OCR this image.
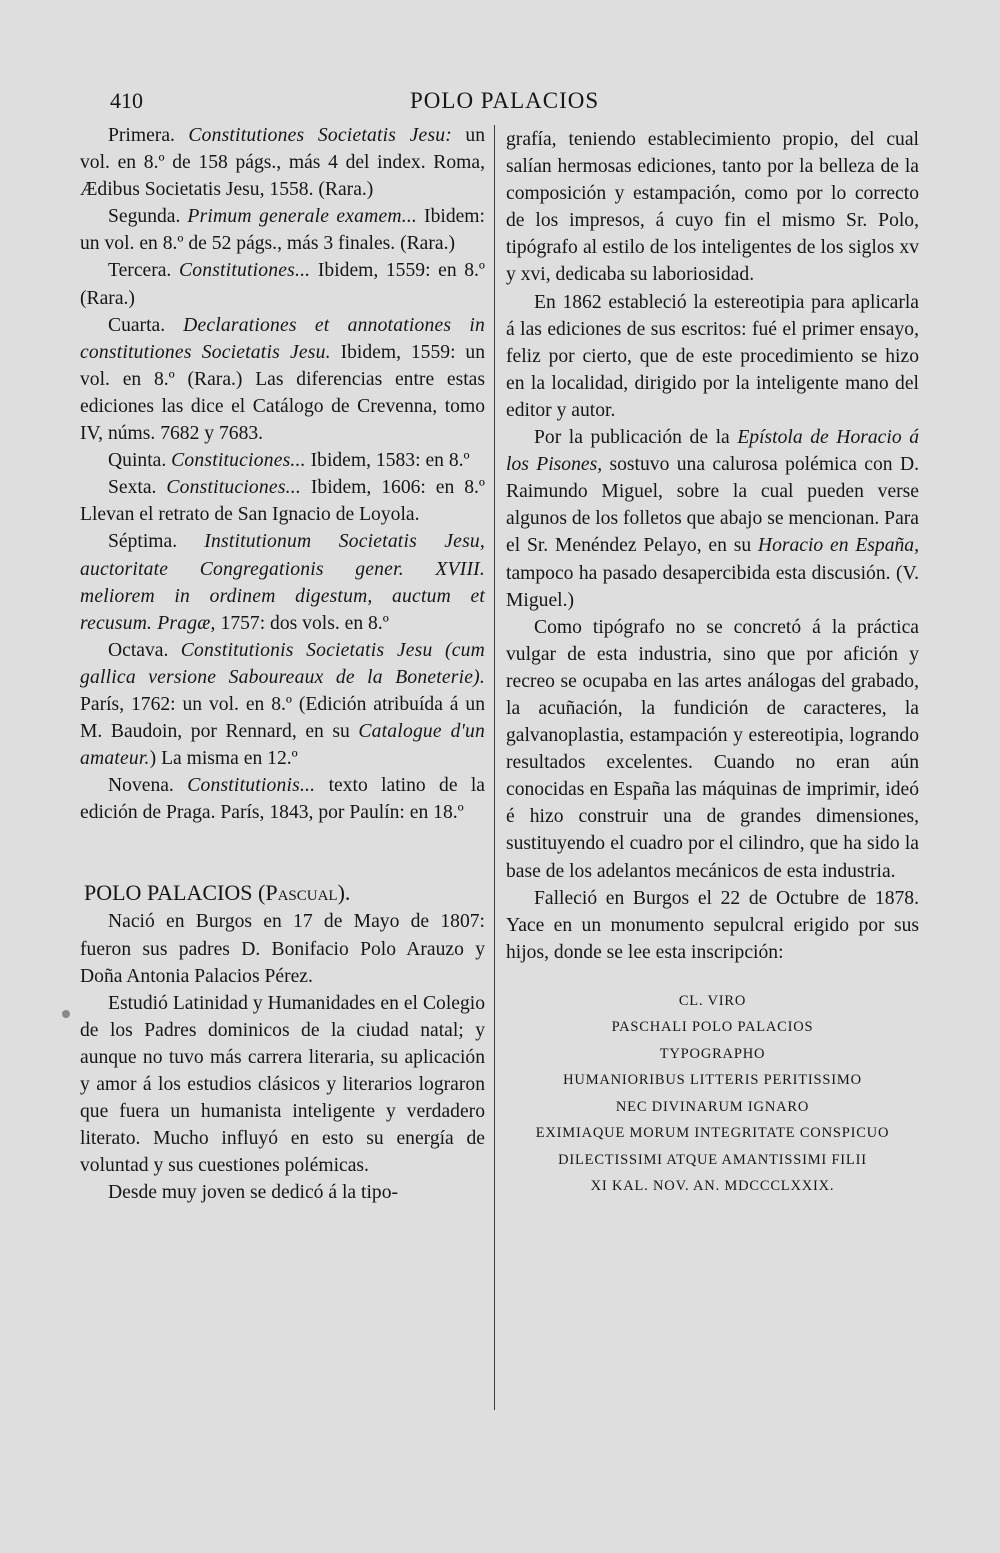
410	POLO PALACIOS

Primera. Constitutiones Societatis Jesu: un vol. en 8.º de 158 págs., más 4 del index. Roma, Ædibus Societatis Jesu, 1558. (Rara.)

Segunda. Primum generale examem... Ibidem: un vol. en 8.º de 52 págs., más 3 finales. (Rara.)

Tercera. Constitutiones... Ibidem, 1559: en 8.º (Rara.)

Cuarta. Declarationes et annotationes in constitutiones Societatis Jesu. Ibidem, 1559: un vol. en 8.º (Rara.) Las diferencias entre estas ediciones las dice el Catálogo de Crevenna, tomo IV, núms. 7682 y 7683.

Quinta. Constituciones... Ibidem, 1583: en 8.º

Sexta. Constituciones... Ibidem, 1606: en 8.º Llevan el retrato de San Ignacio de Loyola.

Séptima. Institutionum Societatis Jesu, auctoritate Congregationis gener. XVIII. meliorem in ordinem digestum, auctum et recusum. Pragæ, 1757: dos vols. en 8.º

Octava. Constitutionis Societatis Jesu (cum gallica versione Saboureaux de la Boneterie). París, 1762: un vol. en 8.º (Edición atribuída á un M. Baudoin, por Rennard, en su Catalogue d'un amateur.) La misma en 12.º

Novena. Constitutionis... texto latino de la edición de Praga. París, 1843, por Paulín: en 18.º

POLO PALACIOS (Pascual).

Nació en Burgos en 17 de Mayo de 1807: fueron sus padres D. Bonifacio Polo Arauzo y Doña Antonia Palacios Pérez.

Estudió Latinidad y Humanidades en el Colegio de los Padres dominicos de la ciudad natal; y aunque no tuvo más carrera literaria, su aplicación y amor á los estudios clásicos y literarios lograron que fuera un humanista inteligente y verdadero literato. Mucho influyó en esto su energía de voluntad y sus cuestiones polémicas.

Desde muy joven se dedicó á la tipo-

grafía, teniendo establecimiento propio, del cual salían hermosas ediciones, tanto por la belleza de la composición y estampación, como por lo correcto de los impresos, á cuyo fin el mismo Sr. Polo, tipógrafo al estilo de los inteligentes de los siglos xv y xvi, dedicaba su laboriosidad.

En 1862 estableció la estereotipia para aplicarla á las ediciones de sus escritos: fué el primer ensayo, feliz por cierto, que de este procedimiento se hizo en la localidad, dirigido por la inteligente mano del editor y autor.

Por la publicación de la Epístola de Horacio á los Pisones, sostuvo una calurosa polémica con D. Raimundo Miguel, sobre la cual pueden verse algunos de los folletos que abajo se mencionan. Para el Sr. Menéndez Pelayo, en su Horacio en España, tampoco ha pasado desapercibida esta discusión. (V. Miguel.)

Como tipógrafo no se concretó á la práctica vulgar de esta industria, sino que por afición y recreo se ocupaba en las artes análogas del grabado, la acuñación, la fundición de caracteres, la galvanoplastia, estampación y estereotipia, logrando resultados excelentes. Cuando no eran aún conocidas en España las máquinas de imprimir, ideó é hizo construir una de grandes dimensiones, sustituyendo el cuadro por el cilindro, que ha sido la base de los adelantos mecánicos de esta industria.

Falleció en Burgos el 22 de Octubre de 1878. Yace en un monumento sepulcral erigido por sus hijos, donde se lee esta inscripción:

CL. VIRO
PASCHALI POLO PALACIOS
TYPOGRAPHO
HUMANIORIBUS LITTERIS PERITISSIMO
NEC DIVINARUM IGNARO
EXIMIAQUE MORUM INTEGRITATE CONSPICUO
DILECTISSIMI ATQUE AMANTISSIMI FILII
XI KAL. NOV. AN. MDCCCLXXIX.
